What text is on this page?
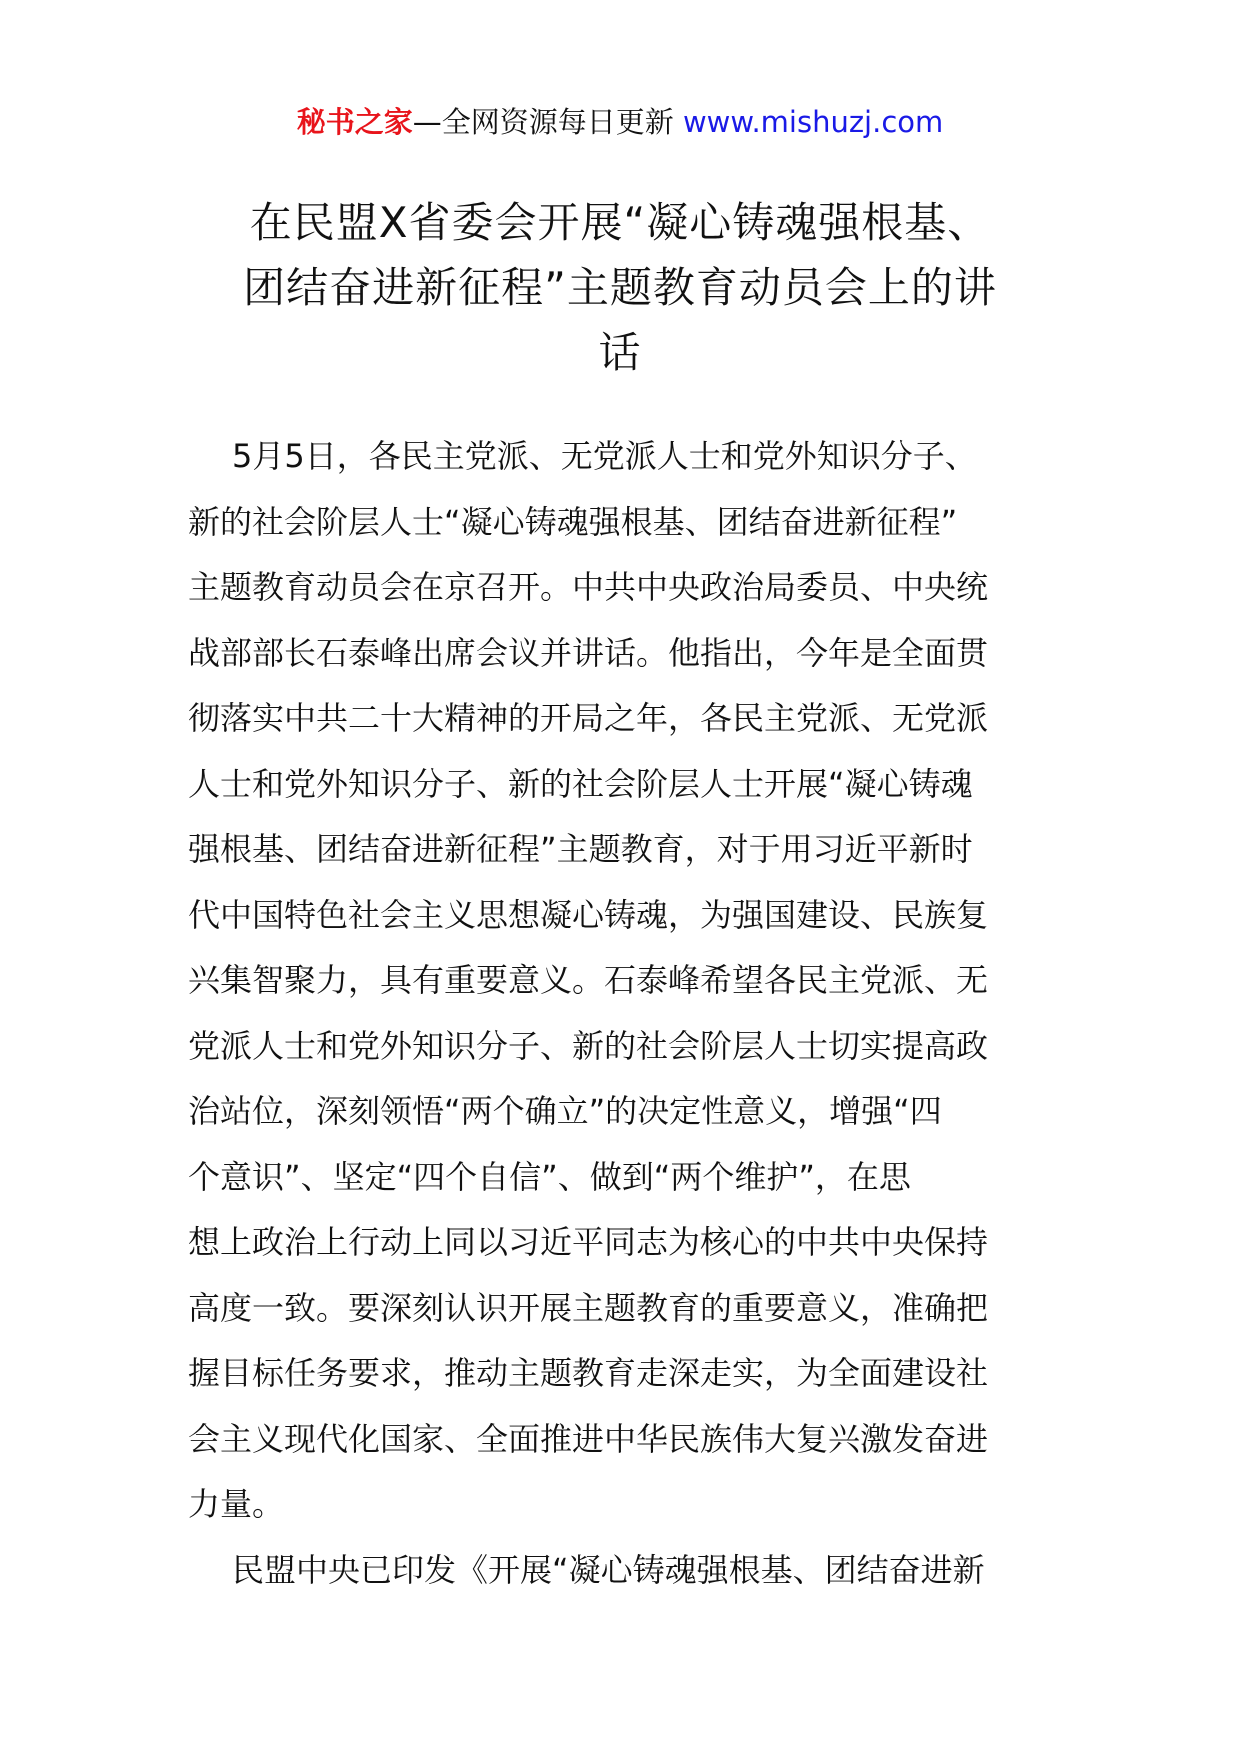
秘书之家—全网资源每日更新 www.mishuzj.com
在民盟X省委会开展“凝心铸魂强根基、
团结奋进新征程”主题教育动员会上的讲
话
5月5日，各民主党派、无党派人士和党外知识分子、
新的社会阶层人士“凝心铸魂强根基、团结奋进新征程”
主题教育动员会在京召开。中共中央政治局委员、中央统
战部部长石泰峰出席会议并讲话。他指出，今年是全面贯
彻落实中共二十大精神的开局之年，各民主党派、无党派
人士和党外知识分子、新的社会阶层人士开展“凝心铸魂
强根基、团结奋进新征程”主题教育，对于用习近平新时
代中国特色社会主义思想凝心铸魂，为强国建设、民族复
兴集智聚力，具有重要意义。石泰峰希望各民主党派、无
党派人士和党外知识分子、新的社会阶层人士切实提高政
治站位，深刻领悟“两个确立”的决定性意义，增强“四
个意识”、坚定“四个自信”、做到“两个维护”，在思
想上政治上行动上同以习近平同志为核心的中共中央保持
高度一致。要深刻认识开展主题教育的重要意义，准确把
握目标任务要求，推动主题教育走深走实，为全面建设社
会主义现代化国家、全面推进中华民族伟大复兴激发奋进
力量。
民盟中央已印发《开展“凝心铸魂强根基、团结奋进新
